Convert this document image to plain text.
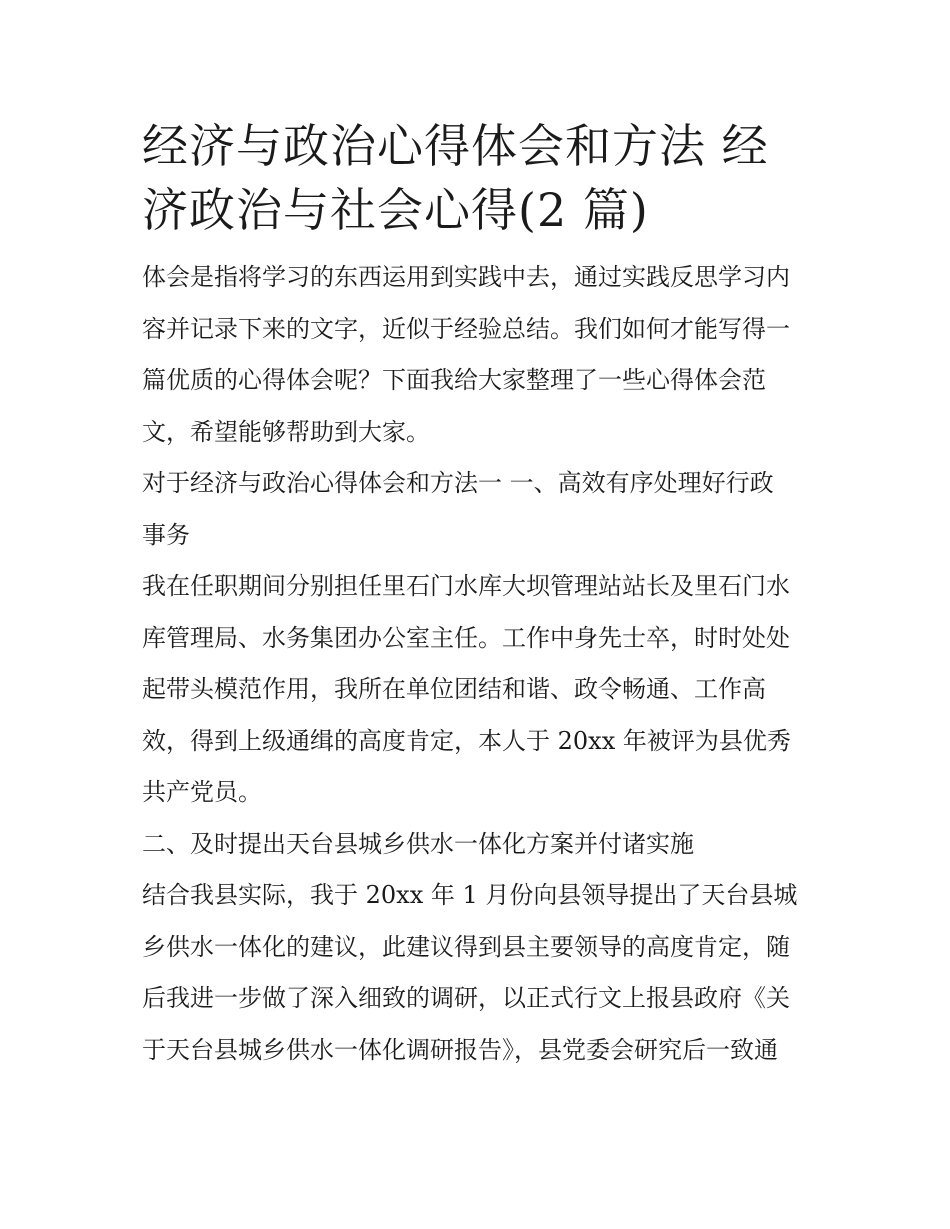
经济与政治心得体会和方法 经
济政治与社会心得(2 篇)

体会是指将学习的东西运用到实践中去，通过实践反思学习内
容并记录下来的文字，近似于经验总结。我们如何才能写得一
篇优质的心得体会呢？下面我给大家整理了一些心得体会范
文，希望能够帮助到大家。

对于经济与政治心得体会和方法一 一、高效有序处理好行政
事务

我在任职期间分别担任里石门水库大坝管理站站长及里石门水
库管理局、水务集团办公室主任。工作中身先士卒，时时处处
起带头模范作用，我所在单位团结和谐、政令畅通、工作高
效，得到上级通缉的高度肯定，本人于 20xx 年被评为县优秀
共产党员。

二、及时提出天台县城乡供水一体化方案并付诸实施

结合我县实际，我于 20xx 年 1 月份向县领导提出了天台县城
乡供水一体化的建议，此建议得到县主要领导的高度肯定，随
后我进一步做了深入细致的调研，以正式行文上报县政府《关
于天台县城乡供水一体化调研报告》，县党委会研究后一致通
